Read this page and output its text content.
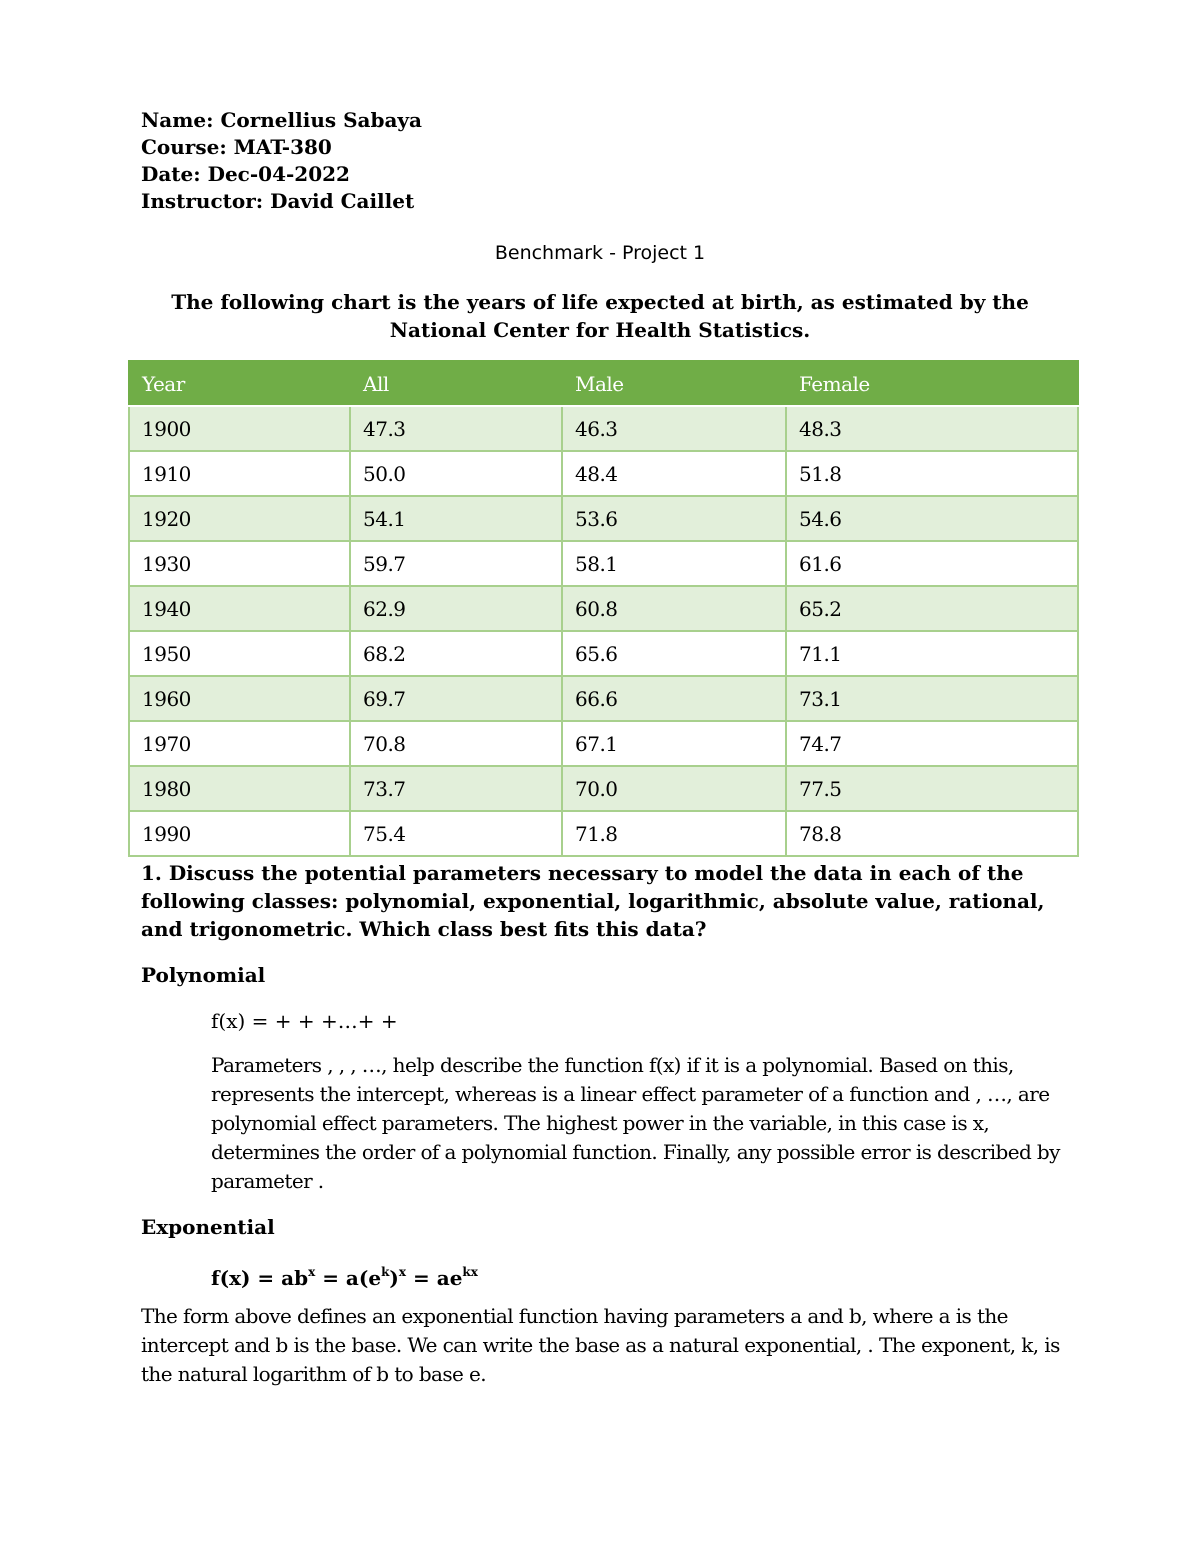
Name: Cornellius Sabaya
Course: MAT-380
Date: Dec-04-2022
Instructor: David Caillet
Benchmark - Project 1
The following chart is the years of life expected at birth, as estimated by the National Center for Health Statistics.
Year	All	Male	Female
1900	47.3	46.3	48.3
1910	50.0	48.4	51.8
1920	54.1	53.6	54.6
1930	59.7	58.1	61.6
1940	62.9	60.8	65.2
1950	68.2	65.6	71.1
1960	69.7	66.6	73.1
1970	70.8	67.1	74.7
1980	73.7	70.0	77.5
1990	75.4	71.8	78.8
1. Discuss the potential parameters necessary to model the data in each of the following classes: polynomial, exponential, logarithmic, absolute value, rational, and trigonometric. Which class best fits this data?
Polynomial
f(x) = + + +…+ +
Parameters , , , …, help describe the function f(x) if it is a polynomial. Based on this, represents the intercept, whereas is a linear effect parameter of a function and , …, are polynomial effect parameters. The highest power in the variable, in this case is x, determines the order of a polynomial function. Finally, any possible error is described by parameter .
Exponential
$f(x) = ab^x = a(e^k)^x = ae^{kx}$
The form above defines an exponential function having parameters a and b, where a is the intercept and b is the base. We can write the base as a natural exponential, . The exponent, k, is the natural logarithm of b to base e.
